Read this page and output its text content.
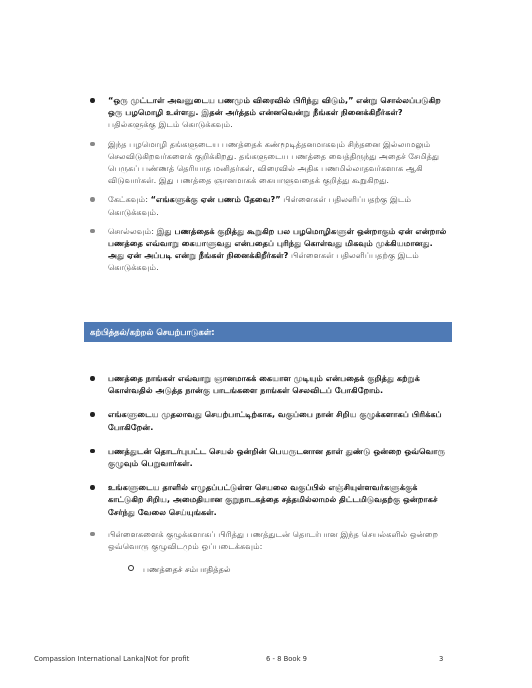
“ஒரு முட்டாள் அவனுடைய பணமும் விரைவில் பிரிந்து விடும்,” என்று சொல்லப்படுகிற ஒரு பழமொழி உள்ளது. இதன் அர்த்தம் என்னவென்று நீங்கள் நினைக்கிறீர்கள்? பதில்களுக்கு இடம் கொடுக்கவும்.
இந்த பழமொழி தங்களுடைய பணத்தைக் கண்மூடித்தனமாகவும் சிந்தனை இல்லாமலும் செலவிடுகிறவர்களைக் குறிக்கிறது. தங்களுடைய பணத்தை வைத்திருந்து அதைச் சேமித்து பெருகப் பண்ணத் தெரியாத மனிதர்கள், விரைவில் அதிக பணமில்லாதவர்களாக ஆகி விடுவார்கள். இது பணத்தை ஞானமாகக் கையாளுவதைக் குறித்து கூறுகிறது.
கேட்கவும்: “எங்களுக்கு ஏன் பணம் தேவை?” பிள்ளைகள் பதிலளிப்பதற்கு இடம் கொடுக்கவும்.
சொல்லவும்: இது பணத்தைக் குறித்து கூறுகிற பல பழமொழிகளுள் ஒன்றாகும் ஏன் என்றால் பணத்தை எவ்வாறு கையாளுவது என்பதைப் புரிந்து கொள்வது மிகவும் முக்கியமானது. அது ஏன் அப்படி என்று நீங்கள் நினைக்கிறீர்கள்? பிள்ளைகள் பதிலளிப்பதற்கு இடம் கொடுக்கவும்.
கற்பித்தல்/கற்றல் செயற்பாடுகள்:
பணத்தை நாங்கள் எவ்வாறு ஞானமாகக் கையாள முடியும் என்பதைக் குறித்து கற்றுக் கொள்வதில் அடுத்த நான்கு பாடங்களை நாங்கள் செலவிடப் போகிறோம்.
எங்களுடைய முதலாவது செயற்பாட்டிற்காக, வகுப்பை நான் சிறிய குழுக்களாகப் பிரிக்கப் போகிறேன்.
பணத்துடன் தொடர்புபட்ட செயல் ஒன்றின் பெயருடனான தாள் துண்டு ஒன்றை ஒவ்வொரு குழுவும் பெறுவார்கள்.
உங்களுடைய தாளில் எழுதப்பட்டுள்ள செயலை வகுப்பில் எஞ்சியுள்ளவர்களுக்குக் காட்டுகிற சிறிய, அமைதியான குறுநாடகத்தை சத்தமில்லாமல் திட்டமிடுவதற்கு ஒன்றாகச் சேர்ந்து வேலை செய்யுங்கள்.
பிள்ளைகளைக் குழுக்களாகப் பிரித்து பணத்துடன் தொடர்பான இந்த செயல்களில் ஒன்றை ஒவ்வொரு குழுவிடமும் ஒப்படைக்கவும்:
பணத்தைச் சம்பாதித்தல்
Compassion International Lanka|Not for profit	6 - 8 Book 9	3
